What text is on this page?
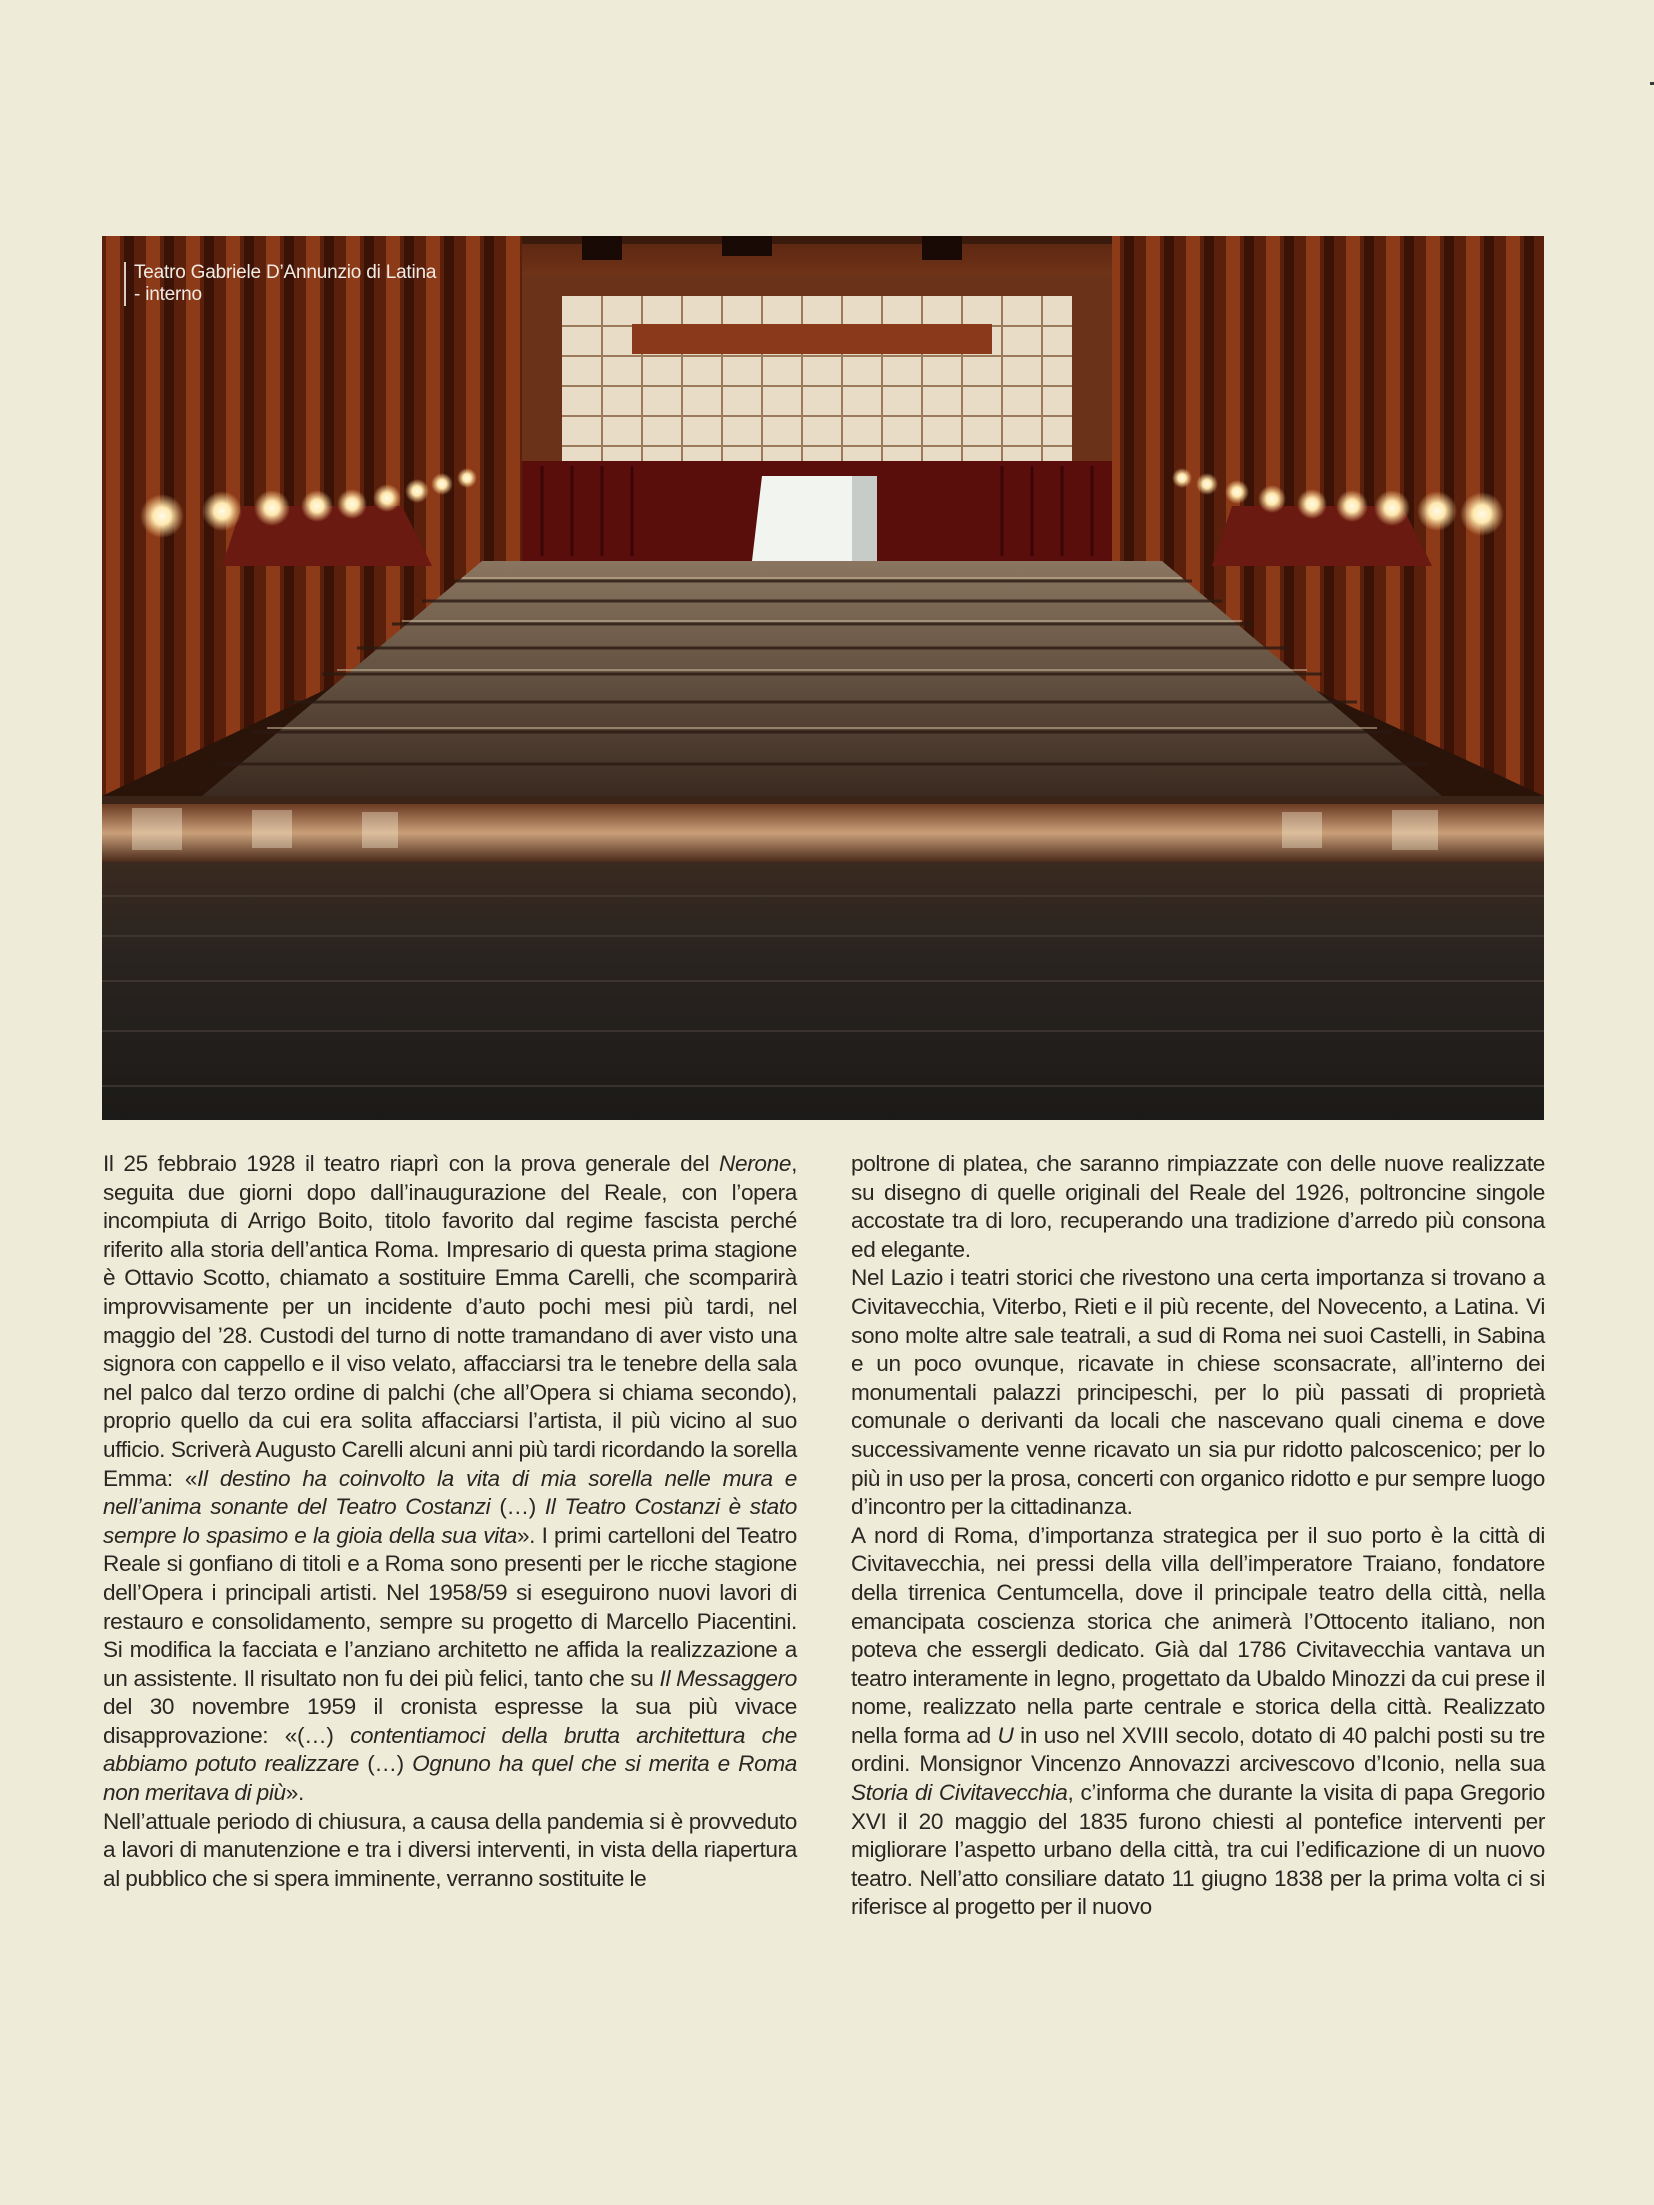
Teatro Gabriele D’Annunzio di Latina
- interno

Il 25 febbraio 1928 il teatro riaprì con la prova generale del Nerone, seguita due giorni dopo dall’inaugurazione del Reale, con l’opera incompiuta di Arrigo Boito, titolo favorito dal regime fascista perché riferito alla storia dell’antica Roma. Impresario di questa prima stagione è Ottavio Scotto, chiamato a sostituire Emma Carelli, che scomparirà improvvisamente per un incidente d’auto pochi mesi più tardi, nel maggio del ’28. Custodi del turno di notte tramandano di aver visto una signora con cappello e il viso velato, affacciarsi tra le tenebre della sala nel palco dal terzo ordine di palchi (che all’Opera si chiama secondo), proprio quello da cui era solita affacciarsi l’artista, il più vicino al suo ufficio. Scriverà Augusto Carelli alcuni anni più tardi ricordando la sorella Emma: «Il destino ha coinvolto la vita di mia sorella nelle mura e nell’anima sonante del Teatro Costanzi (…) Il Teatro Costanzi è stato sempre lo spasimo e la gioia della sua vita». I primi cartelloni del Teatro Reale si gonfiano di titoli e a Roma sono presenti per le ricche stagione dell’Opera i principali artisti. Nel 1958/59 si eseguirono nuovi lavori di restauro e consolidamento, sempre su progetto di Marcello Piacentini. Si modifica la facciata e l’anziano architetto ne affida la realizzazione a un assistente. Il risultato non fu dei più felici, tanto che su Il Messaggero del 30 novembre 1959 il cronista espresse la sua più vivace disapprovazione: «(…) contentiamoci della brutta architettura che abbiamo potuto realizzare (…) Ognuno ha quel che si merita e Roma non meritava di più».

Nell’attuale periodo di chiusura, a causa della pandemia si è provveduto a lavori di manutenzione e tra i diversi interventi, in vista della riapertura al pubblico che si spera imminente, verranno sostituite le

poltrone di platea, che saranno rimpiazzate con delle nuove realizzate su disegno di quelle originali del Reale del 1926, poltroncine singole accostate tra di loro, recuperando una tradizione d’arredo più consona ed elegante.

Nel Lazio i teatri storici che rivestono una certa importanza si trovano a Civitavecchia, Viterbo, Rieti e il più recente, del Novecento, a Latina. Vi sono molte altre sale teatrali, a sud di Roma nei suoi Castelli, in Sabina e un poco ovunque, ricavate in chiese sconsacrate, all’interno dei monumentali palazzi principeschi, per lo più passati di proprietà comunale o derivanti da locali che nascevano quali cinema e dove successivamente venne ricavato un sia pur ridotto palcoscenico; per lo più in uso per la prosa, concerti con organico ridotto e pur sempre luogo d’incontro per la cittadinanza.

A nord di Roma, d’importanza strategica per il suo porto è la città di Civitavecchia, nei pressi della villa dell’imperatore Traiano, fondatore della tirrenica Centumcella, dove il principale teatro della città, nella emancipata coscienza storica che animerà l’Ottocento italiano, non poteva che essergli dedicato. Già dal 1786 Civitavecchia vantava un teatro interamente in legno, progettato da Ubaldo Minozzi da cui prese il nome, realizzato nella parte centrale e storica della città. Realizzato nella forma ad U in uso nel XVIII secolo, dotato di 40 palchi posti su tre ordini. Monsignor Vincenzo Annovazzi arcivescovo d’Iconio, nella sua Storia di Civitavecchia, c’informa che durante la visita di papa Gregorio XVI il 20 maggio del 1835 furono chiesti al pontefice interventi per migliorare l’aspetto urbano della città, tra cui l’edificazione di un nuovo teatro. Nell’atto consiliare datato 11 giugno 1838 per la prima volta ci si riferisce al progetto per il nuovo
